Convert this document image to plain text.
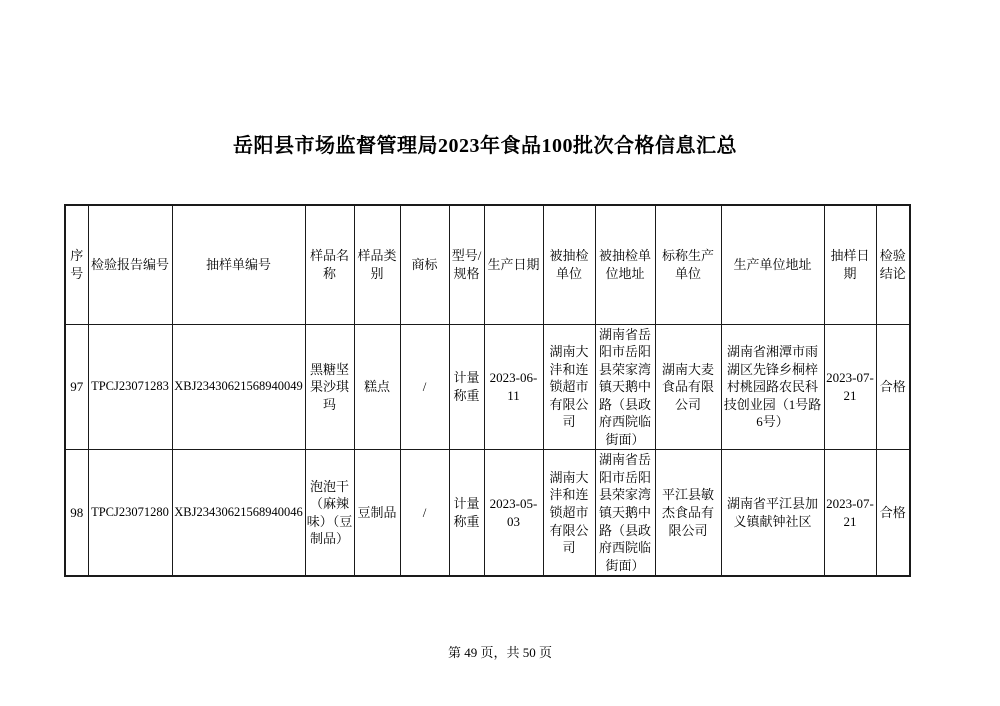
岳阳县市场监督管理局2023年食品100批次合格信息汇总
序号	检验报告编号	抽样单编号	样品名称	样品类别	商标	型号/规格	生产日期	被抽检单位	被抽检单位地址	标称生产单位	生产单位地址	抽样日期	检验结论
97	TPCJ23071283	XBJ23430621568940049	黑糖坚果沙琪玛	糕点	/	计量称重	2023-06-11	湖南大沣和连锁超市有限公司	湖南省岳阳市岳阳县荣家湾镇天鹅中路（县政府西院临街面）	湖南大麦食品有限公司	湖南省湘潭市雨湖区先锋乡桐梓村桃园路农民科技创业园（1号路6号）	2023-07-21	合格
98	TPCJ23071280	XBJ23430621568940046	泡泡干（麻辣味）（豆制品）	豆制品	/	计量称重	2023-05-03	湖南大沣和连锁超市有限公司	湖南省岳阳市岳阳县荣家湾镇天鹅中路（县政府西院临街面）	平江县敏杰食品有限公司	湖南省平江县加义镇献钟社区	2023-07-21	合格
第 49 页，共 50 页
